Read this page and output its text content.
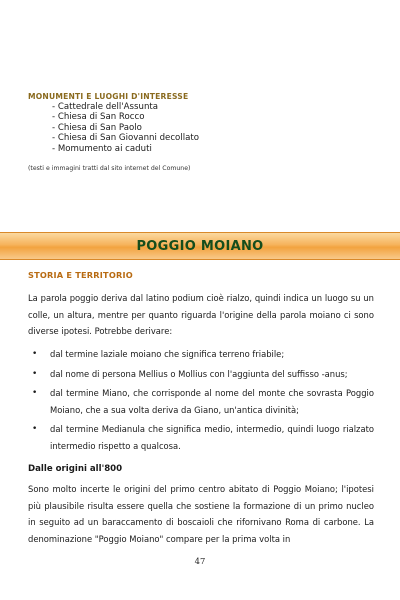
MONUMENTI E LUOGHI D'INTERESSE
- Cattedrale dell'Assunta
- Chiesa di San Rocco
- Chiesa di San Paolo
- Chiesa di San Giovanni decollato
- Momumento ai caduti
(testi e immagini tratti dal sito internet del Comune)
POGGIO MOIANO
STORIA E TERRITORIO

La parola poggio deriva dal latino podium cioè rialzo, quindi indica un luogo su un colle, un altura, mentre per quanto riguarda l'origine della parola moiano ci sono diverse ipotesi. Potrebbe derivare:

• dal termine laziale moiano che significa terreno friabile;
• dal nome di persona Mellius o Mollius con l'aggiunta del suffisso -anus;
• dal termine Miano, che corrisponde al nome del monte che sovrasta Poggio Moiano, che a sua volta deriva da Giano, un'antica divinità;
• dal termine Medianula che significa medio, intermedio, quindi luogo rialzato intermedio rispetto a qualcosa.
Dalle origini all'800

Sono molto incerte le origini del primo centro abitato di Poggio Moiano; l'ipotesi più plausibile risulta essere quella che sostiene la formazione di un primo nucleo in seguito ad un baraccamento di boscaioli che rifornivano Roma di carbone. La denominazione "Poggio Moiano" compare per la prima volta in

47
